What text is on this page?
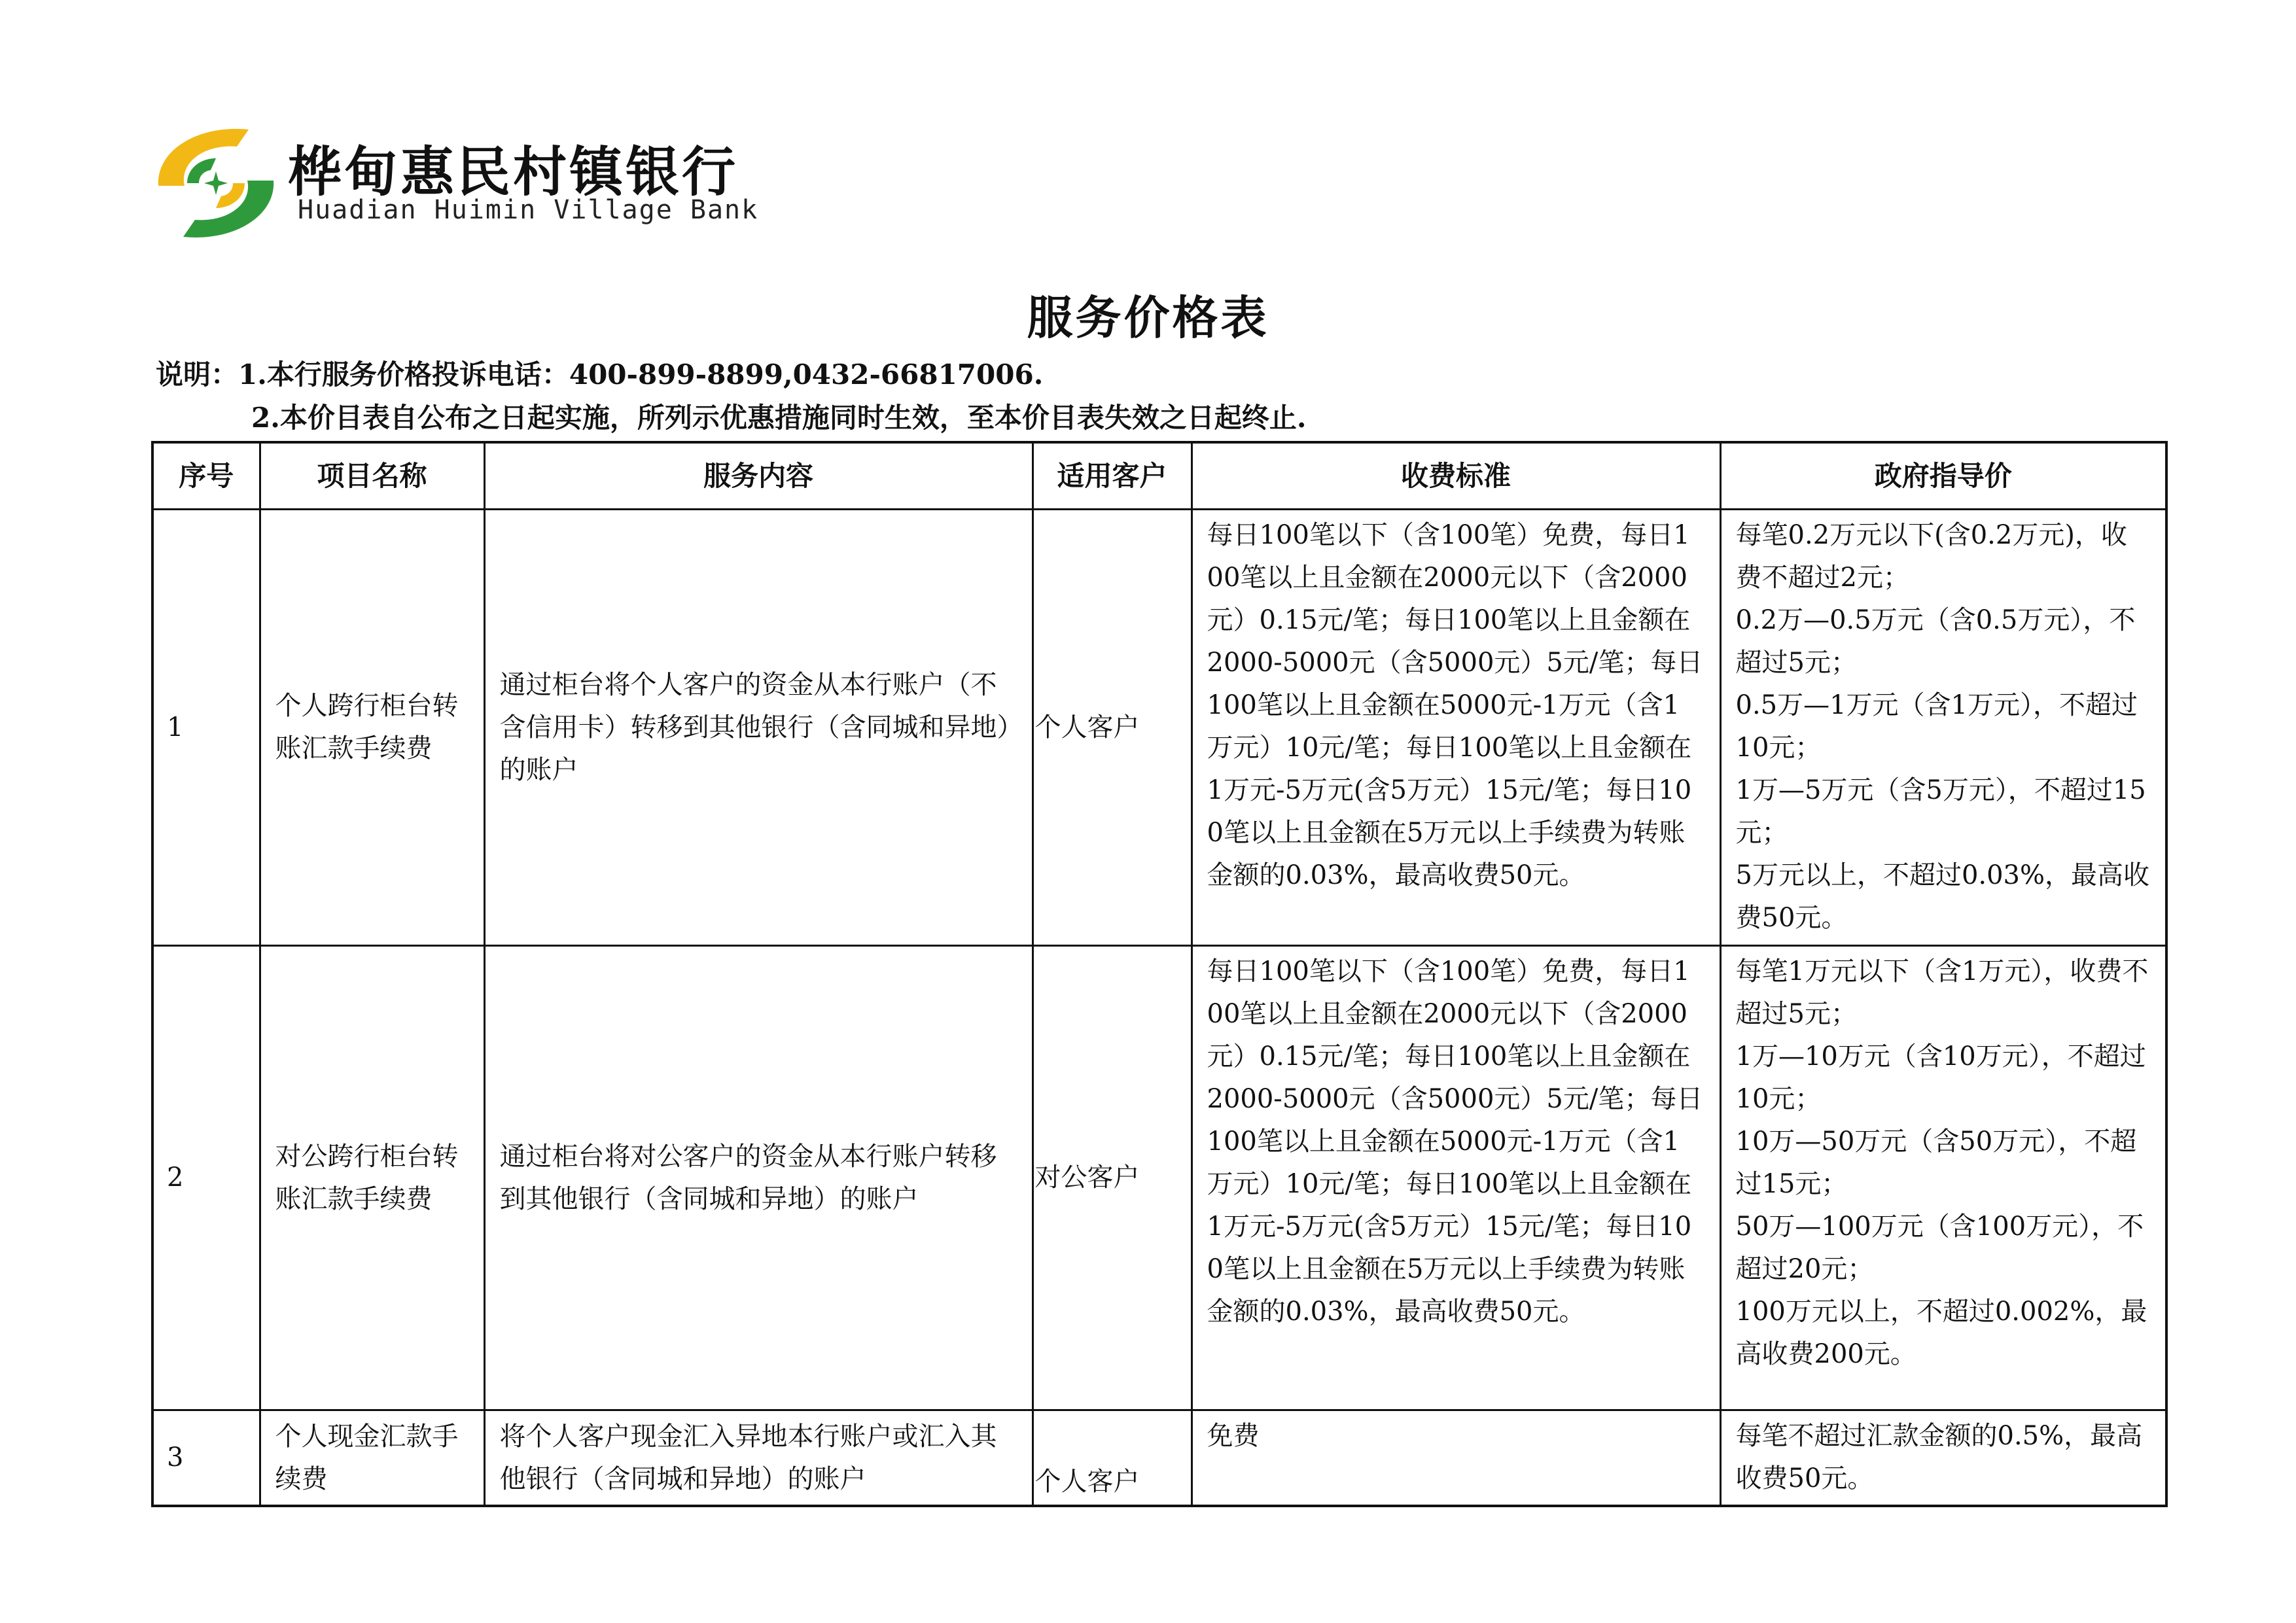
桦甸惠民村镇银行
Huadian Huimin Village Bank
服务价格表
说明：1.本行服务价格投诉电话：400-899-8899,0432-66817006.
2.本价目表自公布之日起实施，所列示优惠措施同时生效，至本价目表失效之日起终止.
序号	项目名称	服务内容	适用客户	收费标准	政府指导价
1	个人跨行柜台转账汇款手续费	通过柜台将个人客户的资金从本行账户（不含信用卡）转移到其他银行（含同城和异地）的账户	个人客户	每日100笔以下（含100笔）免费，每日100笔以上且金额在2000元以下（含2000元）0.15元/笔；每日100笔以上且金额在2000-5000元（含5000元）5元/笔；每日100笔以上且金额在5000元-1万元（含1万元）10元/笔；每日100笔以上且金额在1万元-5万元(含5万元）15元/笔；每日100笔以上且金额在5万元以上手续费为转账金额的0.03%，最高收费50元。	每笔0.2万元以下(含0.2万元)，收费不超过2元；
0.2万—0.5万元（含0.5万元），不超过5元；
0.5万—1万元（含1万元），不超过10元；
1万—5万元（含5万元），不超过15元；
5万元以上，不超过0.03%，最高收费50元。

2	对公跨行柜台转账汇款手续费	通过柜台将对公客户的资金从本行账户转移到其他银行（含同城和异地）的账户	对公客户	每日100笔以下（含100笔）免费，每日100笔以上且金额在2000元以下（含2000元）0.15元/笔；每日100笔以上且金额在2000-5000元（含5000元）5元/笔；每日100笔以上且金额在5000元-1万元（含1万元）10元/笔；每日100笔以上且金额在1万元-5万元(含5万元）15元/笔；每日100笔以上且金额在5万元以上手续费为转账金额的0.03%，最高收费50元。	每笔1万元以下（含1万元），收费不超过5元；
1万—10万元（含10万元），不超过10元；
10万—50万元（含50万元），不超过15元；
50万—100万元（含100万元），不超过20元；
100万元以上，不超过0.002%，最高收费200元。

3	个人现金汇款手续费	将个人客户现金汇入异地本行账户或汇入其他银行（含同城和异地）的账户	个人客户	免费	每笔不超过汇款金额的0.5%，最高收费50元。
